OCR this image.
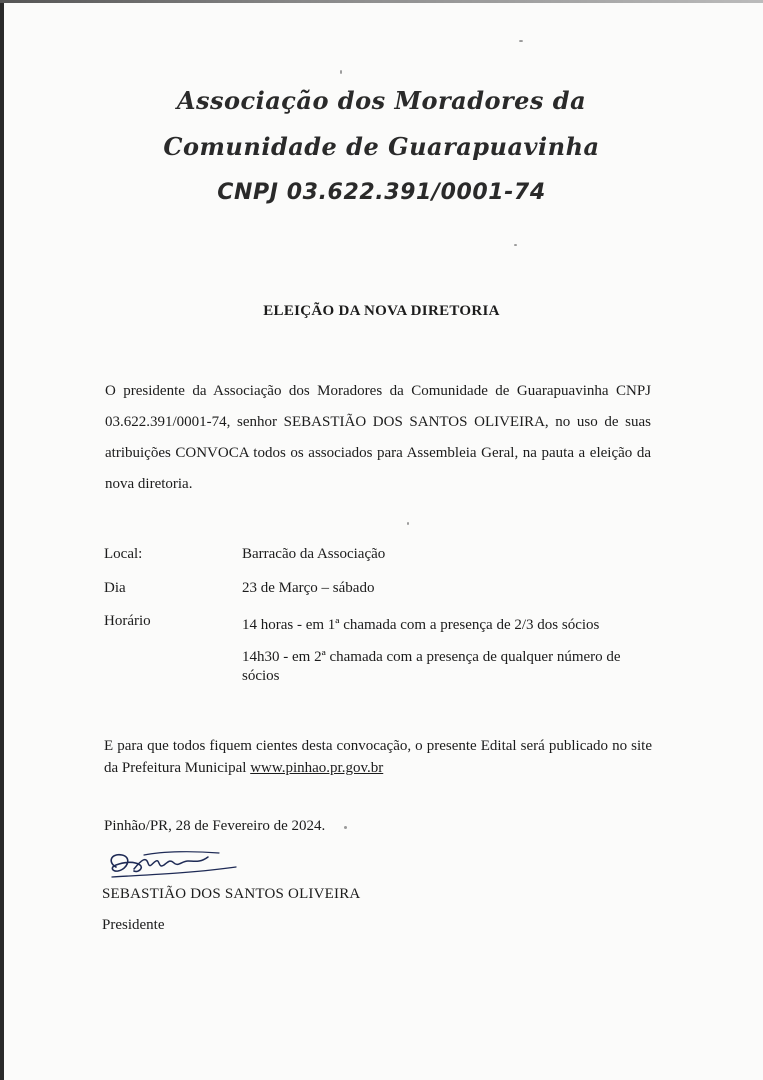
Associação dos Moradores da
Comunidade de Guarapuavinha
CNPJ 03.622.391/0001-74
ELEIÇÃO DA NOVA DIRETORIA

O presidente da Associação dos Moradores da Comunidade de Guarapuavinha CNPJ 03.622.391/0001-74, senhor SEBASTIÃO DOS SANTOS OLIVEIRA, no uso de suas atribuições CONVOCA todos os associados para Assembleia Geral, na pauta a eleição da nova diretoria.

Local:	Barracão da Associação
Dia	23 de Março – sábado
Horário	14 horas - em 1ª chamada com a presença de 2/3 dos sócios
14h30 - em 2ª chamada com a presença de qualquer número de sócios
E para que todos fiquem cientes desta convocação, o presente Edital será publicado no site da Prefeitura Municipal www.pinhao.pr.gov.br
Pinhão/PR, 28 de Fevereiro de 2024.
SEBASTIÃO DOS SANTOS OLIVEIRA
Presidente
